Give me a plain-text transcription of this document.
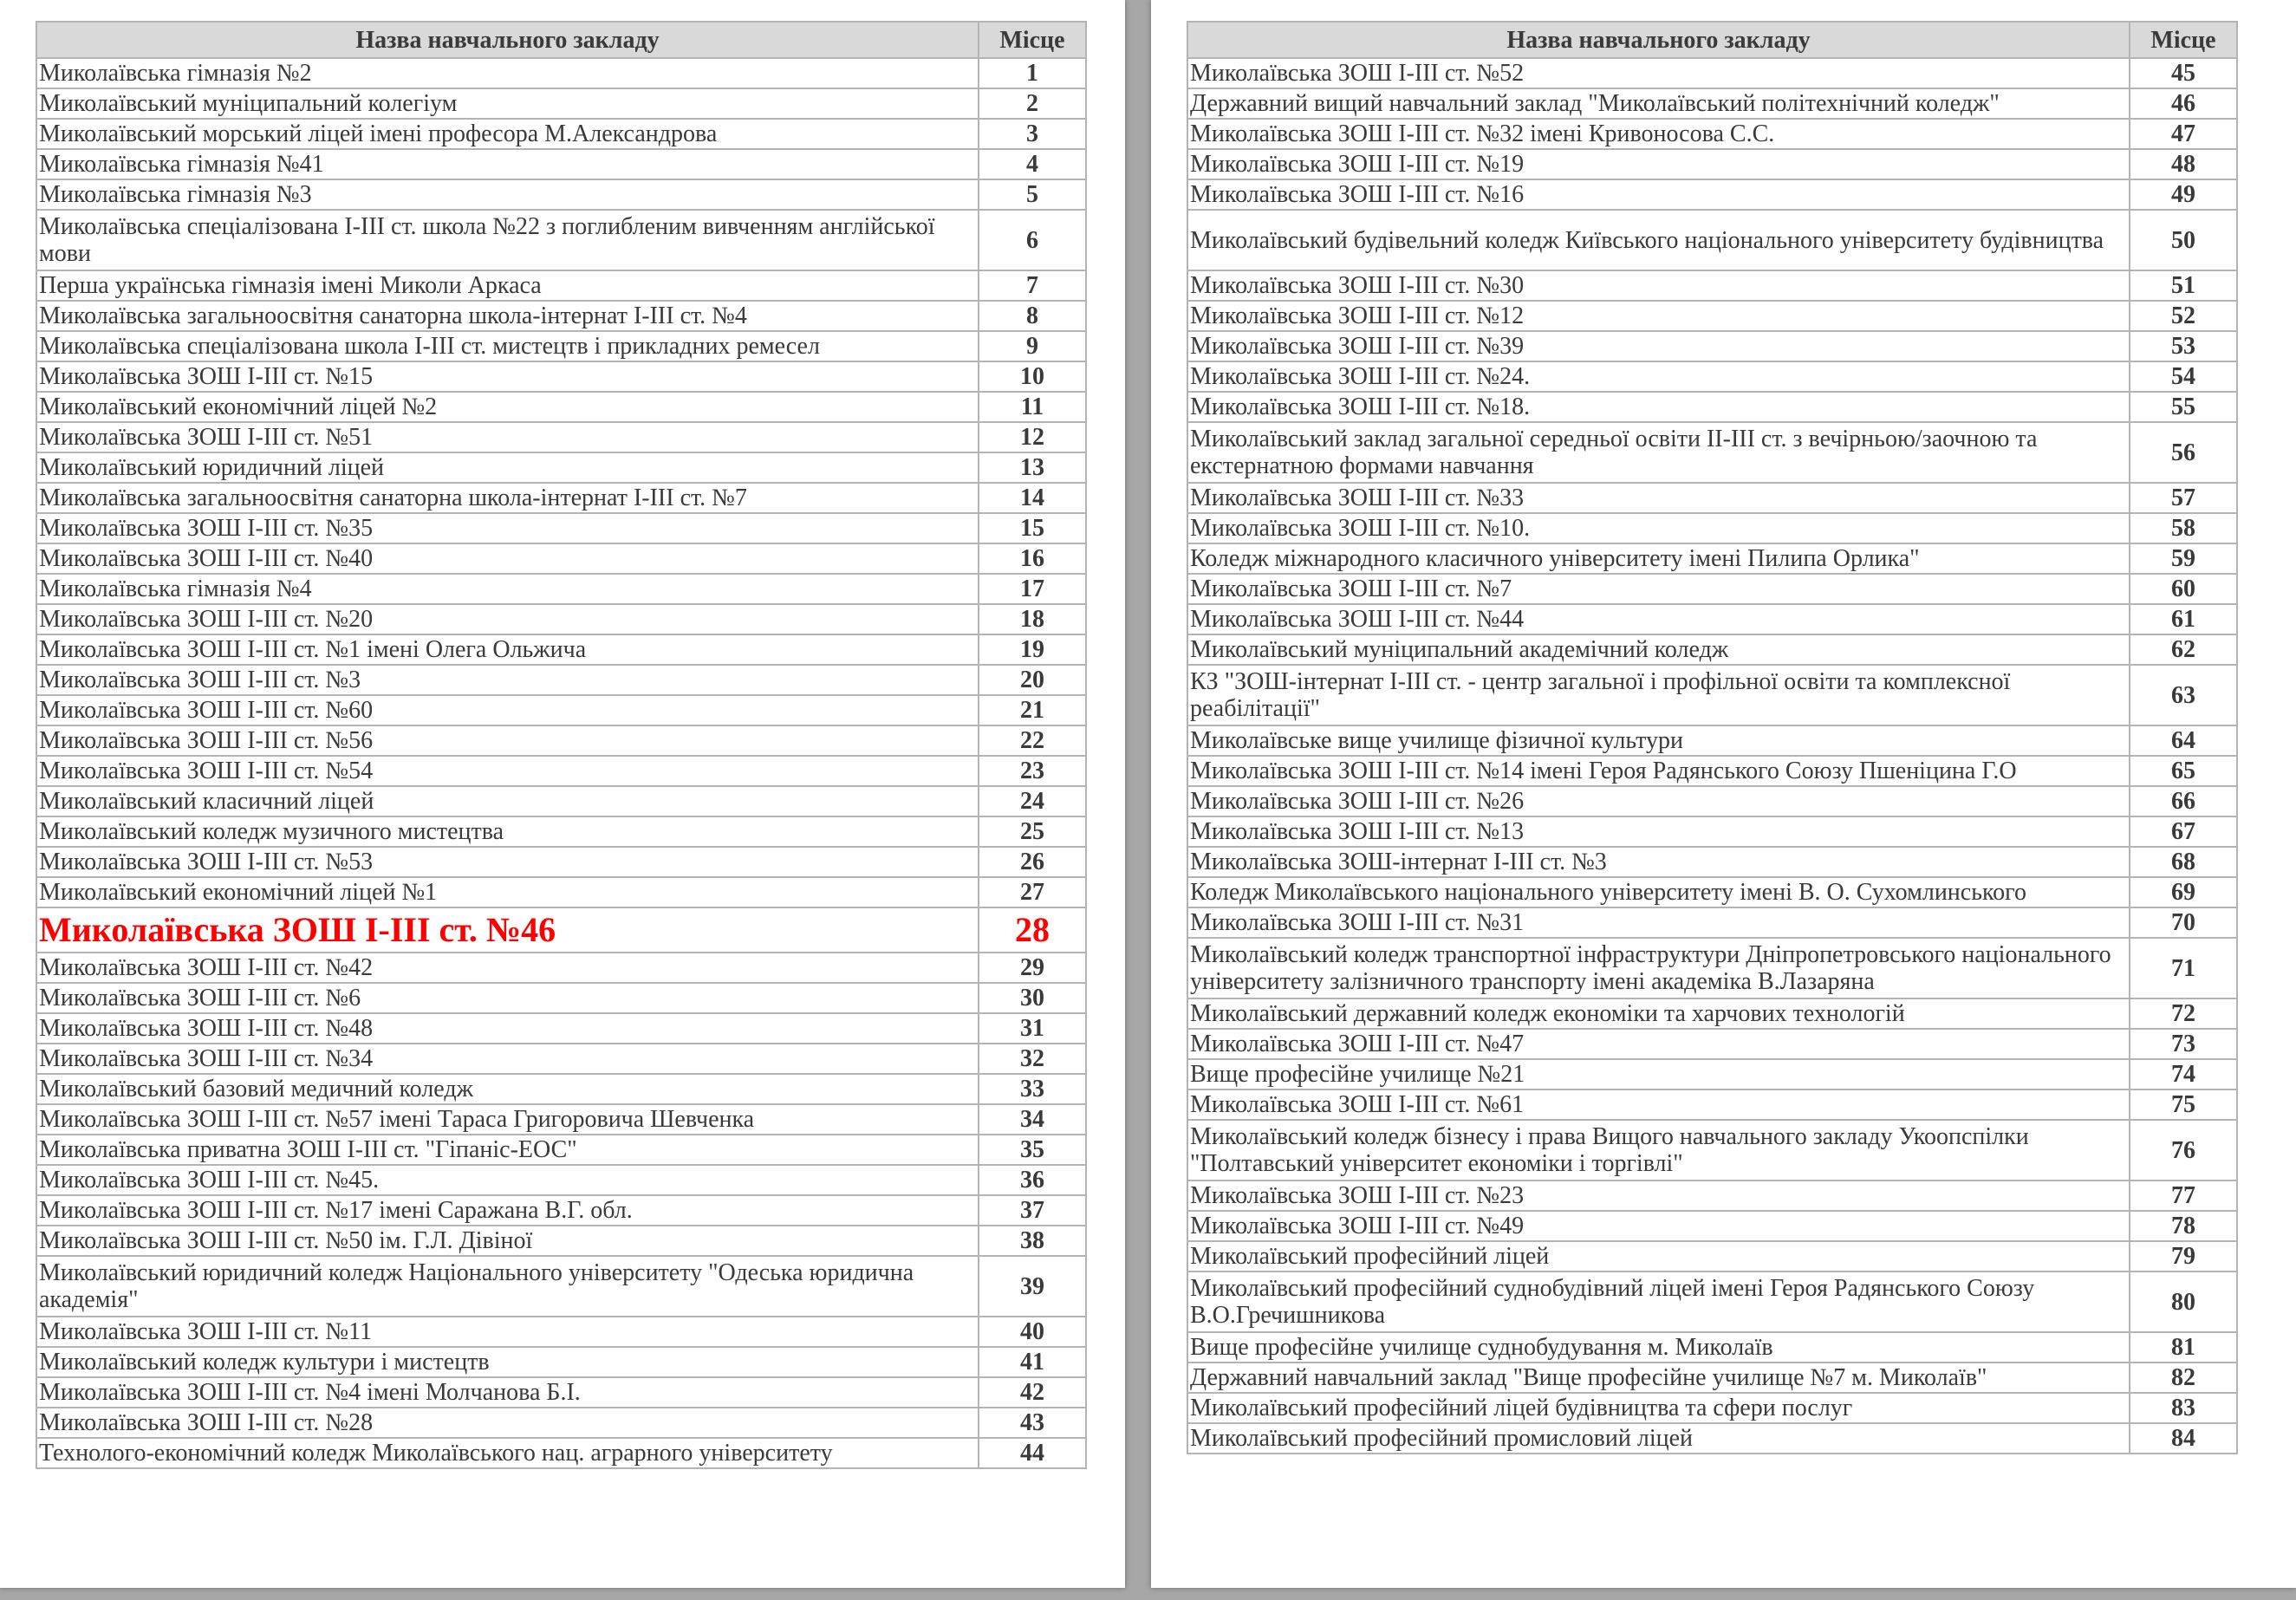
Назва навчального закладу	Місце
Миколаївська гімназія №2	1
Миколаївський муніципальний колегіум	2
Миколаївський морський ліцей імені професора М.Александрова	3
Миколаївська гімназія №41	4
Миколаївська гімназія №3	5
Миколаївська спеціалізована І-ІІІ ст. школа №22 з поглибленим вивченням англійської мови	6
Перша українська гімназія імені Миколи Аркаса	7
Миколаївська загальноосвітня санаторна школа-інтернат І-ІІІ ст. №4	8
Миколаївська спеціалізована школа І-ІІІ ст. мистецтв і прикладних ремесел	9
Миколаївська ЗОШ І-ІІІ ст. №15	10
Миколаївський економічний ліцей №2	11
Миколаївська ЗОШ І-ІІІ ст. №51	12
Миколаївський юридичний ліцей	13
Миколаївська загальноосвітня санаторна школа-інтернат І-ІІІ ст. №7	14
Миколаївська ЗОШ І-ІІІ ст. №35	15
Миколаївська ЗОШ І-ІІІ ст. №40	16
Миколаївська гімназія №4	17
Миколаївська ЗОШ І-ІІІ ст. №20	18
Миколаївська ЗОШ І-ІІІ ст. №1 імені Олега Ольжича	19
Миколаївська ЗОШ І-ІІІ ст. №3	20
Миколаївська ЗОШ І-ІІІ ст. №60	21
Миколаївська ЗОШ І-ІІІ ст. №56	22
Миколаївська ЗОШ І-ІІІ ст. №54	23
Миколаївський класичний ліцей	24
Миколаївський коледж музичного мистецтва	25
Миколаївська ЗОШ І-ІІІ ст. №53	26
Миколаївський економічний ліцей №1	27
Миколаївська ЗОШ І-ІІІ ст. №46	28
Миколаївська ЗОШ І-ІІІ ст. №42	29
Миколаївська ЗОШ І-ІІІ ст. №6	30
Миколаївська ЗОШ І-ІІІ ст. №48	31
Миколаївська ЗОШ І-ІІІ ст. №34	32
Миколаївський базовий медичний коледж	33
Миколаївська ЗОШ І-ІІІ ст. №57 імені Тараса Григоровича Шевченка	34
Миколаївська приватна ЗОШ І-ІІІ ст. "Гіпаніс-ЕОС"	35
Миколаївська ЗОШ І-ІІІ ст. №45.	36
Миколаївська ЗОШ І-ІІІ ст. №17 імені Саражана В.Г. обл.	37
Миколаївська ЗОШ І-ІІІ ст. №50 ім. Г.Л. Дівіної	38
Миколаївський юридичний коледж Національного університету "Одеська юридична академія"	39
Миколаївська ЗОШ І-ІІІ ст. №11	40
Миколаївський коледж культури і мистецтв	41
Миколаївська ЗОШ І-ІІІ ст. №4 імені Молчанова Б.І.	42
Миколаївська ЗОШ І-ІІІ ст. №28	43
Технолого-економічний коледж Миколаївського нац. аграрного університету	44
Назва навчального закладу	Місце
Миколаївська ЗОШ І-ІІІ ст. №52	45
Державний вищий навчальний заклад "Миколаївський політехнічний коледж"	46
Миколаївська ЗОШ І-ІІІ ст. №32 імені Кривоносова С.С.	47
Миколаївська ЗОШ І-ІІІ ст. №19	48
Миколаївська ЗОШ І-ІІІ ст. №16	49
Миколаївський будівельний коледж Київського національного університету будівництва	50
Миколаївська ЗОШ І-ІІІ ст. №30	51
Миколаївська ЗОШ І-ІІІ ст. №12	52
Миколаївська ЗОШ І-ІІІ ст. №39	53
Миколаївська ЗОШ І-ІІІ ст. №24.	54
Миколаївська ЗОШ І-ІІІ ст. №18.	55
Миколаївський заклад загальної середньої освіти ІІ-ІІІ ст. з вечірньою/заочною та екстернатною формами навчання	56
Миколаївська ЗОШ І-ІІІ ст. №33	57
Миколаївська ЗОШ І-ІІІ ст. №10.	58
Коледж міжнародного класичного університету імені Пилипа Орлика"	59
Миколаївська ЗОШ І-ІІІ ст. №7	60
Миколаївська ЗОШ І-ІІІ ст. №44	61
Миколаївський муніципальний академічний коледж	62
КЗ "ЗОШ-інтернат І-ІІІ ст. - центр загальної і профільної освіти та комплексної реабілітації"	63
Миколаївське вище училище фізичної культури	64
Миколаївська ЗОШ І-ІІІ ст. №14 імені Героя Радянського Союзу Пшеніцина Г.О	65
Миколаївська ЗОШ І-ІІІ ст. №26	66
Миколаївська ЗОШ І-ІІІ ст. №13	67
Миколаївська ЗОШ-інтернат І-ІІІ ст. №3	68
Коледж Миколаївського національного університету імені В. О. Сухомлинського	69
Миколаївська ЗОШ І-ІІІ ст. №31	70
Миколаївський коледж транспортної інфраструктури Дніпропетровського національного університету залізничного транспорту імені академіка В.Лазаряна	71
Миколаївський державний коледж економіки та харчових технологій	72
Миколаївська ЗОШ І-ІІІ ст. №47	73
Вище професійне училище №21	74
Миколаївська ЗОШ І-ІІІ ст. №61	75
Миколаївський коледж бізнесу і права Вищого навчального закладу Укоопспілки "Полтавський університет економіки і торгівлі"	76
Миколаївська ЗОШ І-ІІІ ст. №23	77
Миколаївська ЗОШ І-ІІІ ст. №49	78
Миколаївський професійний ліцей	79
Миколаївський професійний суднобудівний ліцей імені Героя Радянського Союзу В.О.Гречишникова	80
Вище професійне училище суднобудування м. Миколаїв	81
Державний навчальний заклад "Вище професійне училище №7 м. Миколаїв"	82
Миколаївський професійний ліцей будівництва та сфери послуг	83
Миколаївський професійний промисловий ліцей	84
